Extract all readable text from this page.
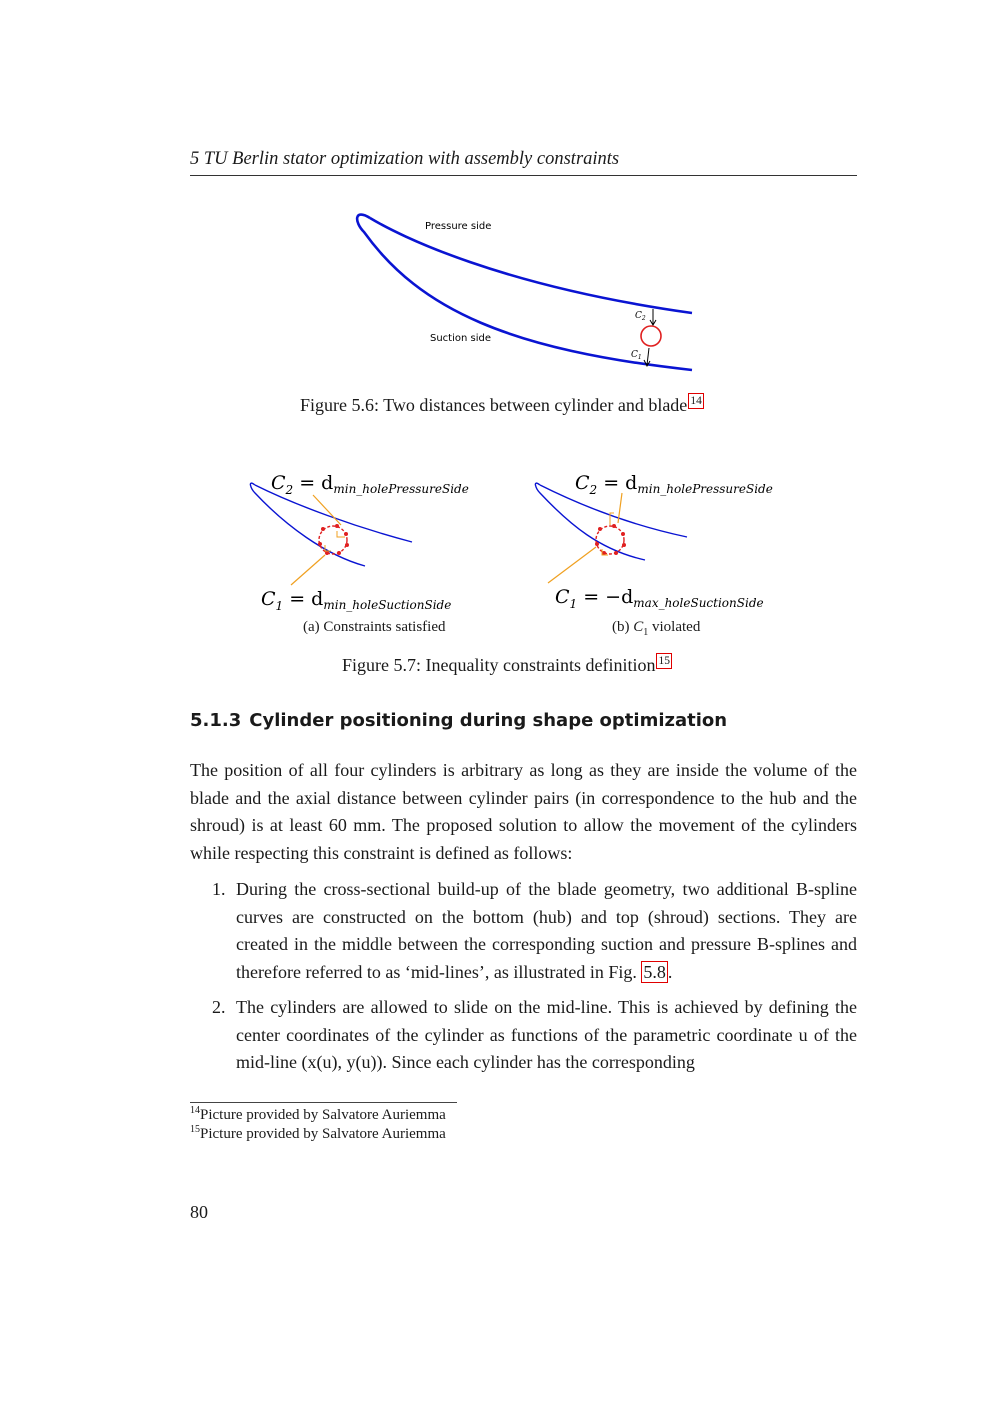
5 TU Berlin stator optimization with assembly constraints
Pressure side
Suction side
$C_2$
$C_1$
Figure 5.6: Two distances between cylinder and blade 14
$C_2 = d_{min\_holePressureSide}$
$C_1 = d_{min\_holeSuctionSide}$
(a) Constraints satisfied
$C_2 = d_{min\_holePressureSide}$
$C_1 = -d_{max\_holeSuctionSide}$
(b) $C_1$ violated
Figure 5.7: Inequality constraints definition 15
5.1.3 Cylinder positioning during shape optimization
The position of all four cylinders is arbitrary as long as they are inside the volume of the blade and the axial distance between cylinder pairs (in correspondence to the hub and the shroud) is at least 60 mm. The proposed solution to allow the movement of the cylinders while respecting this constraint is defined as follows:
1. During the cross-sectional build-up of the blade geometry, two additional B-spline curves are constructed on the bottom (hub) and top (shroud) sections. They are created in the middle between the corresponding suction and pressure B-splines and therefore referred to as ‘mid-lines’, as illustrated in Fig. 5.8 .
2. The cylinders are allowed to slide on the mid-line. This is achieved by defining the center coordinates of the cylinder as functions of the parametric coordinate u of the mid-line (x(u), y(u)). Since each cylinder has the corresponding
$^{14}$Picture provided by Salvatore Auriemma
$^{15}$Picture provided by Salvatore Auriemma
80
